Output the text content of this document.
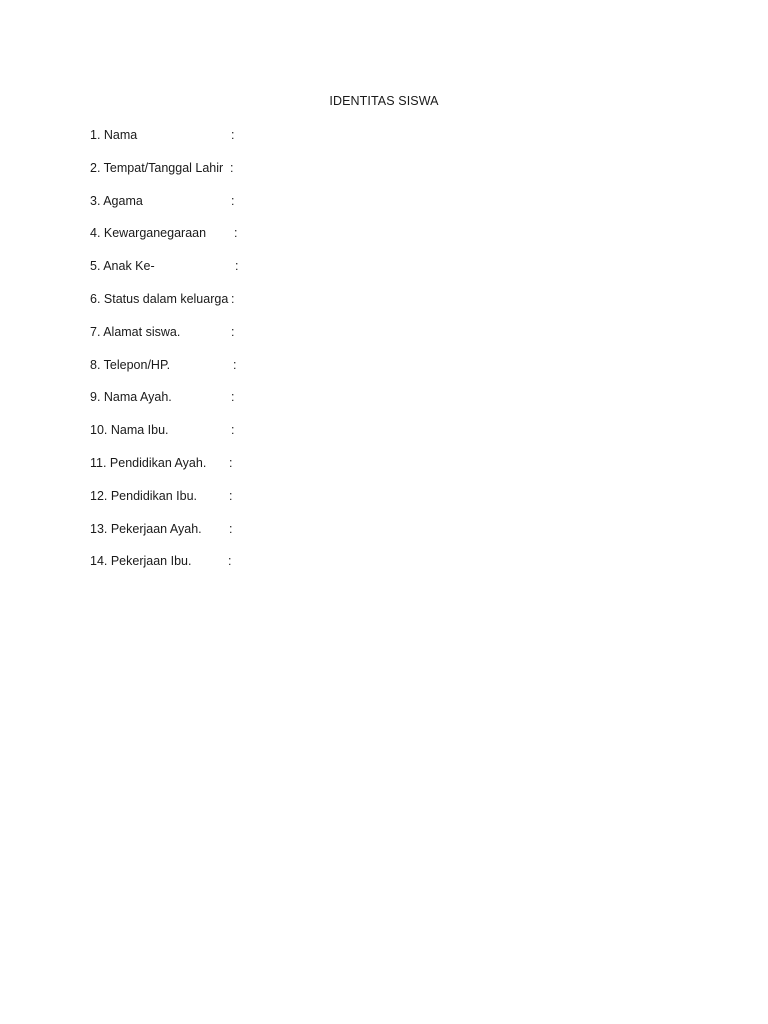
IDENTITAS SISWA
1. Nama	:
2. Tempat/Tanggal Lahir :
3. Agama	:
4. Kewarganegaraan :
5. Anak Ke-	:
6. Status dalam keluarga :
7. Alamat siswa.	:
8. Telepon/HP.	:
9. Nama Ayah.	:
10. Nama Ibu.	:
11. Pendidikan Ayah. :
12. Pendidikan Ibu.	:
13. Pekerjaan Ayah. :
14. Pekerjaan Ibu.	:
